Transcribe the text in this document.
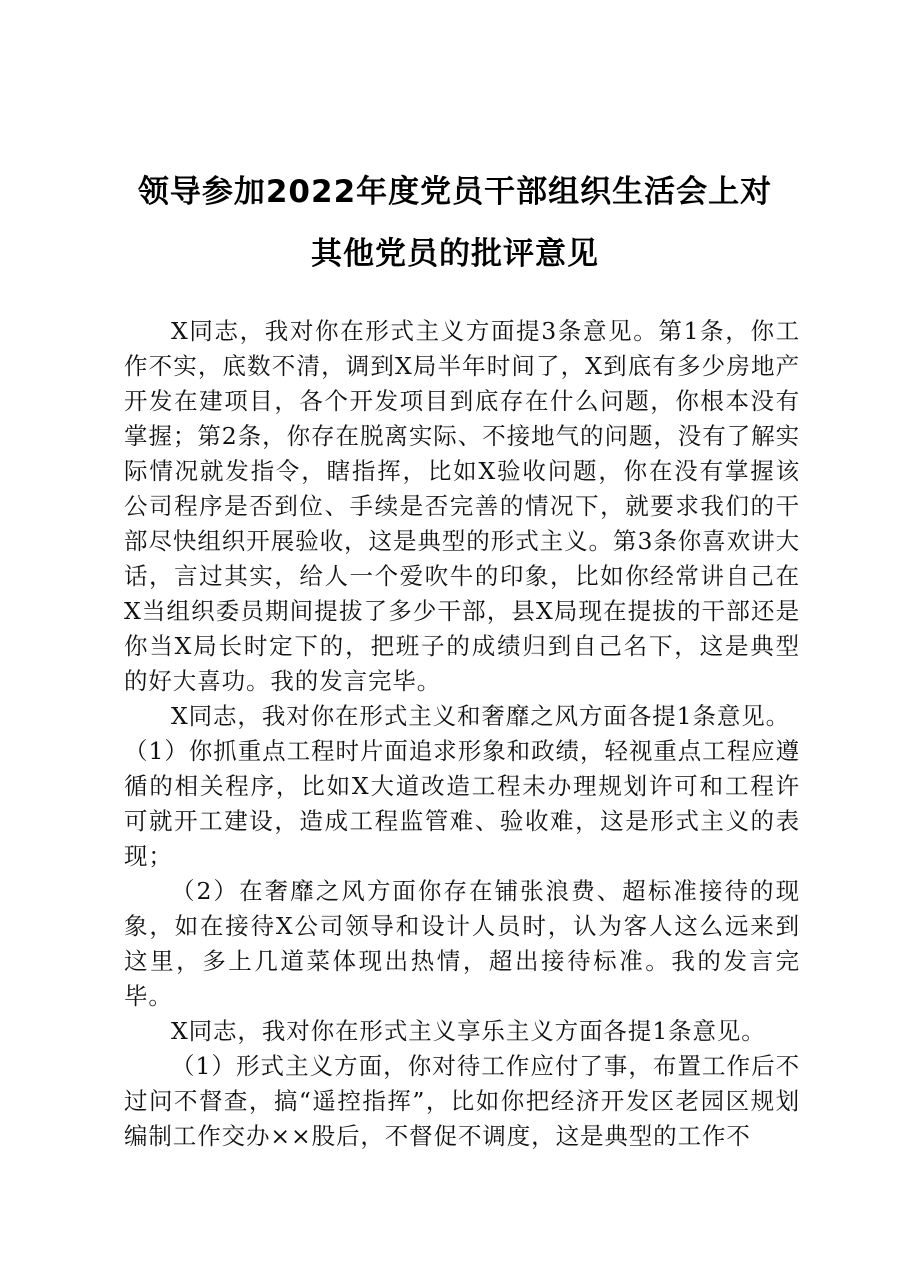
领导参加2022年度党员干部组织生活会上对
其他党员的批评意见

X同志，我对你在形式主义方面提3条意见。第1条，你工作不实，底数不清，调到X局半年时间了，X到底有多少房地产开发在建项目，各个开发项目到底存在什么问题，你根本没有掌握；第2条，你存在脱离实际、不接地气的问题，没有了解实际情况就发指令，瞎指挥，比如X验收问题，你在没有掌握该公司程序是否到位、手续是否完善的情况下，就要求我们的干部尽快组织开展验收，这是典型的形式主义。第3条你喜欢讲大话，言过其实，给人一个爱吹牛的印象，比如你经常讲自己在X当组织委员期间提拔了多少干部，县X局现在提拔的干部还是你当X局长时定下的，把班子的成绩归到自己名下，这是典型的好大喜功。我的发言完毕。

X同志，我对你在形式主义和奢靡之风方面各提1条意见。

（1）你抓重点工程时片面追求形象和政绩，轻视重点工程应遵循的相关程序，比如X大道改造工程未办理规划许可和工程许可就开工建设，造成工程监管难、验收难，这是形式主义的表现；

（2）在奢靡之风方面你存在铺张浪费、超标准接待的现象，如在接待X公司领导和设计人员时，认为客人这么远来到这里，多上几道菜体现出热情，超出接待标准。我的发言完毕。

X同志，我对你在形式主义享乐主义方面各提1条意见。

（1）形式主义方面，你对待工作应付了事，布置工作后不过问不督查，搞“遥控指挥”，比如你把经济开发区老园区规划编制工作交办××股后，不督促不调度，这是典型的工作不
